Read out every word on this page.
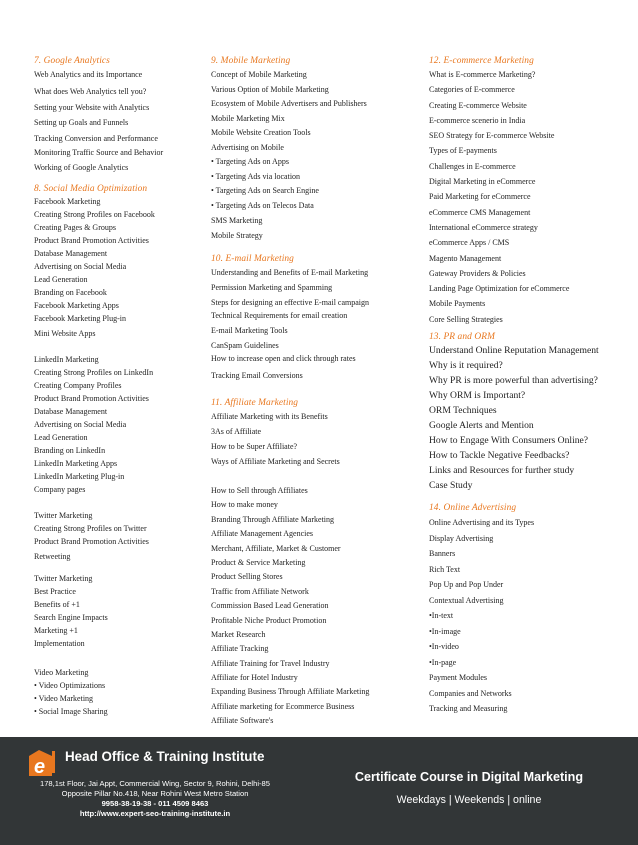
7. Google Analytics
Web Analytics and its Importance
What does Web Analytics tell you?
Setting your Website with Analytics
Setting up Goals and Funnels
Tracking Conversion and Performance
Monitoring Traffic Source and Behavior
Working of Google Analytics
8. Social Media Optimization
Facebook Marketing
Creating Strong Profiles on Facebook
Creating Pages & Groups
Product Brand Promotion Activities
Database Management
Advertising on Social Media
Lead Generation
Branding on Facebook
Facebook Marketing Apps
Facebook Marketing Plug-in
Mini Website Apps
LinkedIn Marketing
Creating Strong Profiles on LinkedIn
Creating Company Profiles
Product Brand Promotion Activities
Database Management
Advertising on Social Media
Lead Generation
Branding on LinkedIn
LinkedIn Marketing Apps
LinkedIn Marketing Plug-in
Company pages
Twitter Marketing
Creating Strong Profiles on Twitter
Product Brand Promotion Activities
Retweeting
Twitter Marketing
Best Practice
Benefits of +1
Search Engine Impacts
Marketing +1
Implementation
Video Marketing
• Video Optimizations
• Video Marketing
• Social Image Sharing
9. Mobile Marketing
Concept of Mobile Marketing
Various Option of Mobile Marketing
Ecosystem of Mobile Advertisers and Publishers
Mobile Marketing Mix
Mobile Website Creation Tools
Advertising on Mobile
• Targeting Ads on Apps
• Targeting Ads via location
• Targeting Ads on Search Engine
• Targeting Ads on Telecos Data
SMS Marketing
Mobile Strategy
10. E-mail Marketing
Understanding and Benefits of E-mail Marketing
Permission Marketing and Spamming
Steps for designing an effective E-mail campaign
Technical Requirements for email creation
E-mail Marketing Tools
CanSpam Guidelines
How to increase open and click through rates
Tracking Email Conversions
11. Affiliate Marketing
Affiliate Marketing with its Benefits
3As of Affiliate
How to be Super Affiliate?
Ways of Affiliate Marketing and Secrets
How to Sell through Affiliates
How to make money
Branding Through Affiliate Marketing
Affiliate Management Agencies
Merchant, Affiliate, Market & Customer
Product & Service Marketing
Product Selling Stores
Traffic from Affiliate Network
Commission Based Lead Generation
Profitable Niche Product Promotion
Market Research
Affiliate Tracking
Affiliate Training for Travel Industry
Affiliate for Hotel Industry
Expanding Business Through Affiliate Marketing
Affiliate marketing for Ecommerce Business
Affiliate Software's
12. E-commerce Marketing
What is E-commerce Marketing?
Categories of E-commerce
Creating E-commerce Website
E-commerce scenerio in India
SEO Strategy for E-commerce Website
Types of E-payments
Challenges in E-commerce
Digital Marketing in eCommerce
Paid Marketing for eCommerce
eCommerce CMS Management
International eCommerce strategy
eCommerce Apps / CMS
Magento Management
Gateway Providers & Policies
Landing Page Optimization for eCommerce
Mobile Payments
Core Selling Strategies
13. PR and ORM
Understand Online Reputation Management
Why is it required?
Why PR is more powerful than advertising?
Why ORM is Important?
ORM Techniques
Google Alerts and Mention
How to Engage With Consumers Online?
How to Tackle Negative Feedbacks?
Links and Resources for further study
Case Study
14. Online Advertising
Online Advertising and its Types
Display Advertising
Banners
Rich Text
Pop Up and Pop Under
Contextual Advertising
•In-text
•In-image
•In-video
•In-page
Payment Modules
Companies and Networks
Tracking and Measuring
e Head Office & Training Institute
178,1st Floor, Jai Appt, Commercial Wing, Sector 9, Rohini, Delhi-85
Opposite Pillar No.418, Near Rohini West Metro Station
9958-38-19-38 - 011 4509 8463
http://www.expert-seo-training-institute.in
Certificate Course in Digital Marketing
Weekdays | Weekends | online
